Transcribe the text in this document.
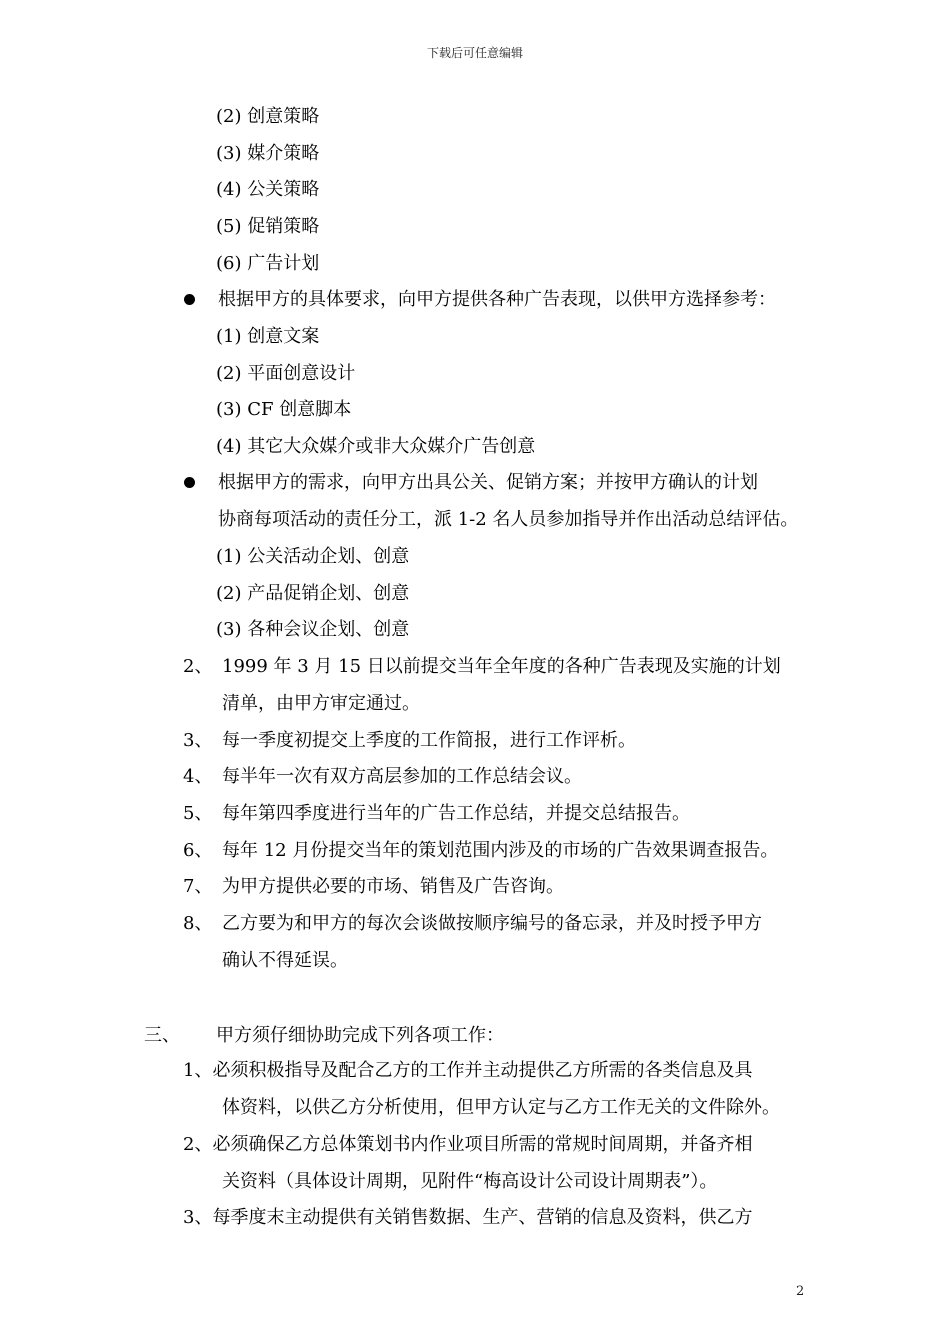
下载后可任意编辑
(2) 创意策略
(3) 媒介策略
(4) 公关策略
(5) 促销策略
(6) 广告计划
根据甲方的具体要求，向甲方提供各种广告表现，以供甲方选择参考：
(1) 创意文案
(2) 平面创意设计
(3) CF 创意脚本
(4) 其它大众媒介或非大众媒介广告创意
根据甲方的需求，向甲方出具公关、促销方案；并按甲方确认的计划
协商每项活动的责任分工，派 1-2 名人员参加指导并作出活动总结评估。
(1) 公关活动企划、创意
(2) 产品促销企划、创意
(3) 各种会议企划、创意
2、 1999 年 3 月 15 日以前提交当年全年度的各种广告表现及实施的计划
清单，由甲方审定通过。
3、 每一季度初提交上季度的工作简报，进行工作评析。
4、 每半年一次有双方高层参加的工作总结会议。
5、 每年第四季度进行当年的广告工作总结，并提交总结报告。
6、 每年 12 月份提交当年的策划范围内涉及的市场的广告效果调查报告。
7、 为甲方提供必要的市场、销售及广告咨询。
8、 乙方要为和甲方的每次会谈做按顺序编号的备忘录，并及时授予甲方
确认不得延误。
三、 甲方须仔细协助完成下列各项工作：
1、必须积极指导及配合乙方的工作并主动提供乙方所需的各类信息及具
体资料，以供乙方分析使用，但甲方认定与乙方工作无关的文件除外。
2、必须确保乙方总体策划书内作业项目所需的常规时间周期，并备齐相
关资料（具体设计周期，见附件“梅高设计公司设计周期表”）。
3、每季度末主动提供有关销售数据、生产、营销的信息及资料，供乙方
2
